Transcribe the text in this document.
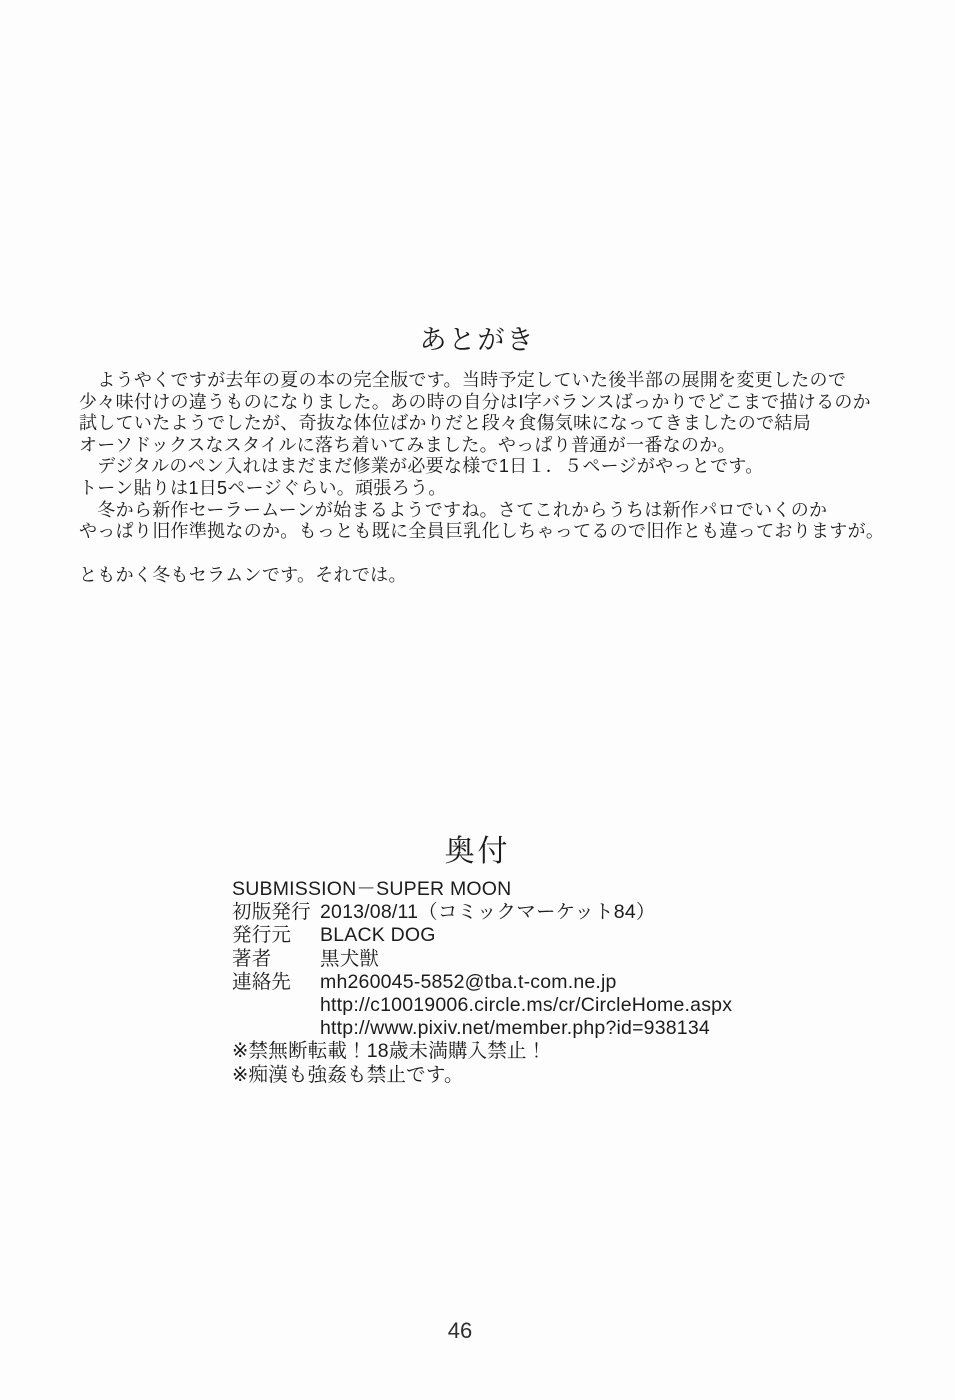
あとがき
　ようやくですが去年の夏の本の完全版です。当時予定していた後半部の展開を変更したので
少々味付けの違うものになりました。あの時の自分はⅠ字バランスばっかりでどこまで描けるのか
試していたようでしたが、奇抜な体位ばかりだと段々食傷気味になってきましたので結局
オーソドックスなスタイルに落ち着いてみました。やっぱり普通が一番なのか。
　デジタルのペン入れはまだまだ修業が必要な様で1日１．５ページがやっとです。
トーン貼りは1日5ページぐらい。頑張ろう。
　冬から新作セーラームーンが始まるようですね。さてこれからうちは新作パロでいくのか
やっぱり旧作準拠なのか。もっとも既に全員巨乳化しちゃってるので旧作とも違っておりますが。
ともかく冬もセラムンです。それでは。
奥付
SUBMISSION－SUPER MOON
初版発行 2013/08/11（コミックマーケット84）
発行元	BLACK DOG
著者	黒犬獣
連絡先	mh260045-5852@tba.t-com.ne.jp
http://c10019006.circle.ms/cr/CircleHome.aspx
http://www.pixiv.net/member.php?id=938134
※禁無断転載！18歳未満購入禁止！
※痴漢も強姦も禁止です。
46
